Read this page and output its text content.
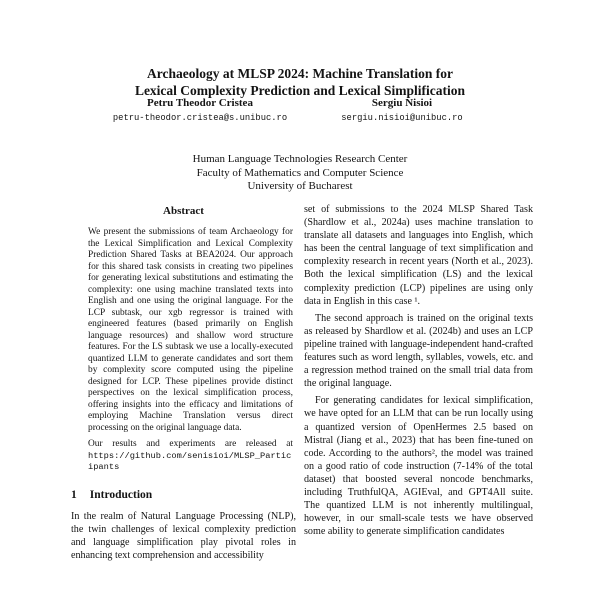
Archaeology at MLSP 2024: Machine Translation for
Lexical Complexity Prediction and Lexical Simplification
Petru Theodor Cristea
petru-theodor.cristea@s.unibuc.ro
Sergiu Nisioi
sergiu.nisioi@unibuc.ro
Human Language Technologies Research Center
Faculty of Mathematics and Computer Science
University of Bucharest
Abstract

We present the submissions of team Archaeology for the Lexical Simplification and Lexical Complexity Prediction Shared Tasks at BEA2024. Our approach for this shared task consists in creating two pipelines for generating lexical substitutions and estimating the complexity: one using machine translated texts into English and one using the original language. For the LCP subtask, our xgb regressor is trained with engineered features (based primarily on English language resources) and shallow word structure features. For the LS subtask we use a locally-executed quantized LLM to generate candidates and sort them by complexity score computed using the pipeline designed for LCP. These pipelines provide distinct perspectives on the lexical simplification process, offering insights into the efficacy and limitations of employing Machine Translation versus direct processing on the original language data.

Our results and experiments are released at https://github.com/senisioi/MLSP_Participants

1 Introduction

In the realm of Natural Language Processing (NLP), the twin challenges of lexical complexity prediction and language simplification play pivotal roles in enhancing text comprehension and accessibility

set of submissions to the 2024 MLSP Shared Task (Shardlow et al., 2024a) uses machine translation to translate all datasets and languages into English, which has been the central language of text simplification and complexity research in recent years (North et al., 2023). Both the lexical simplification (LS) and the lexical complexity prediction (LCP) pipelines are using only data in English in this case ¹.

The second approach is trained on the original texts as released by Shardlow et al. (2024b) and uses an LCP pipeline trained with language-independent hand-crafted features such as word length, syllables, vowels, etc. and a regression method trained on the small trial data from the original language.

For generating candidates for lexical simplification, we have opted for an LLM that can be run locally using a quantized version of OpenHermes 2.5 based on Mistral (Jiang et al., 2023) that has been fine-tuned on code. According to the authors², the model was trained on a good ratio of code instruction (7-14% of the total dataset) that boosted several noncode benchmarks, including TruthfulQA, AGIEval, and GPT4All suite. The quantized LLM is not inherently multilingual, however, in our small-scale tests we have observed some ability to generate simplification candidates
